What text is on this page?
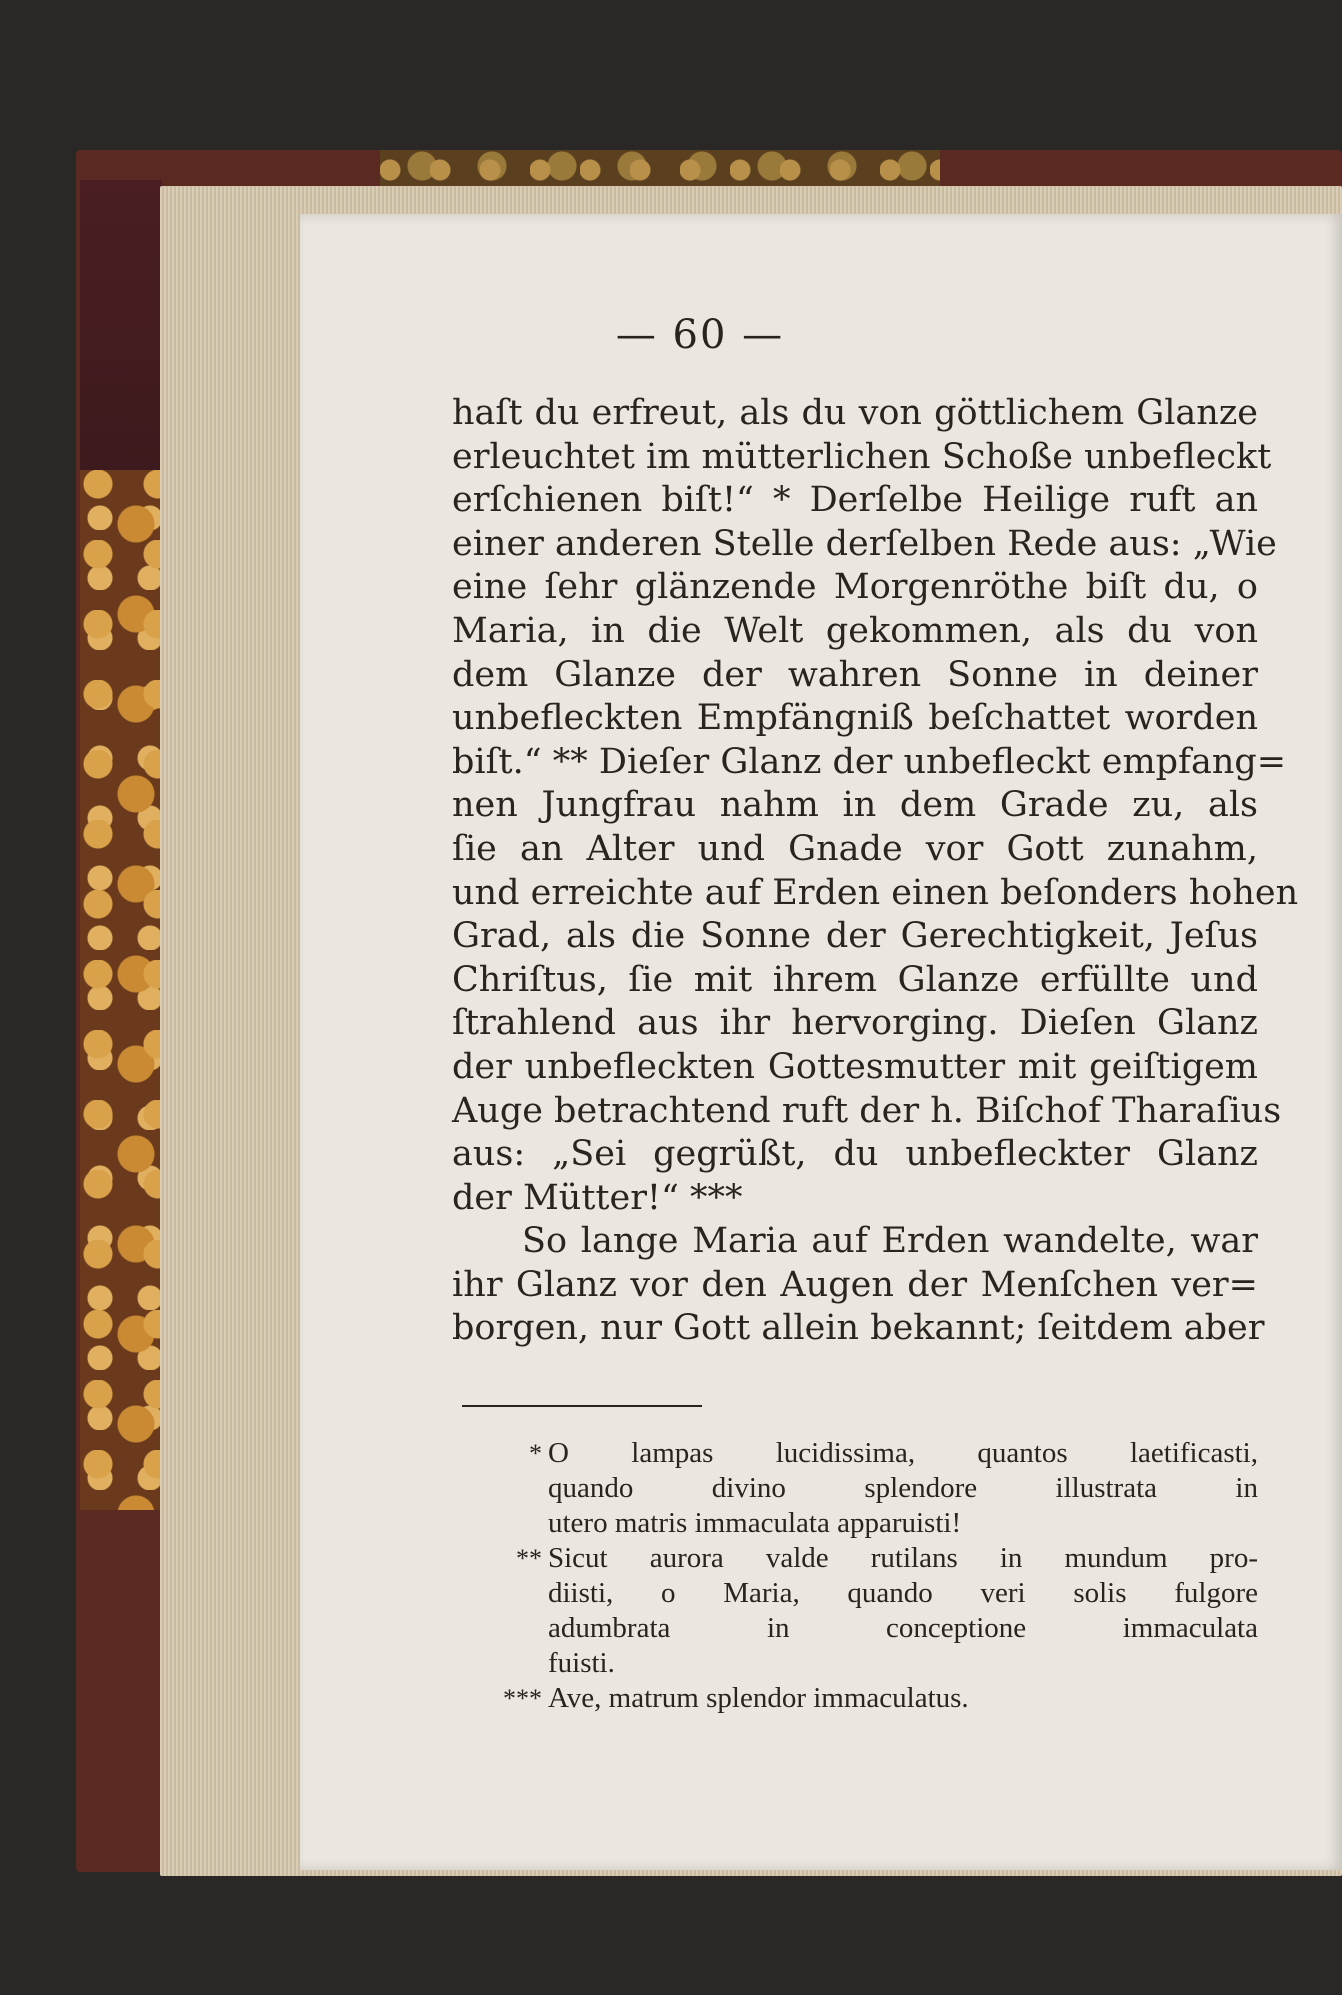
— 60 —
haſt du erfreut, als du von göttlichem Glanze
erleuchtet im mütterlichen Schoße unbefleckt
erſchienen biſt!“ * Derſelbe Heilige ruft an
einer anderen Stelle derſelben Rede aus: „Wie
eine ſehr glänzende Morgenröthe biſt du, o
Maria, in die Welt gekommen, als du von
dem Glanze der wahren Sonne in deiner
unbefleckten Empfängniß beſchattet worden
biſt.“ ** Dieſer Glanz der unbefleckt empfang=
nen Jungfrau nahm in dem Grade zu, als
ſie an Alter und Gnade vor Gott zunahm,
und erreichte auf Erden einen beſonders hohen
Grad, als die Sonne der Gerechtigkeit, Jeſus
Chriſtus, ſie mit ihrem Glanze erfüllte und
ſtrahlend aus ihr hervorging. Dieſen Glanz
der unbefleckten Gottesmutter mit geiſtigem
Auge betrachtend ruft der h. Biſchof Tharaſius
aus: „Sei gegrüßt, du unbefleckter Glanz
der Mütter!“ ***
So lange Maria auf Erden wandelte, war
ihr Glanz vor den Augen der Menſchen ver=
borgen, nur Gott allein bekannt; ſeitdem aber
* O lampas lucidissima, quantos laetificasti,
quando divino splendore illustrata in
utero matris immaculata apparuisti!
** Sicut aurora valde rutilans in mundum pro-
diisti, o Maria, quando veri solis fulgore
adumbrata in conceptione immaculata
fuisti.
*** Ave, matrum splendor immaculatus.
